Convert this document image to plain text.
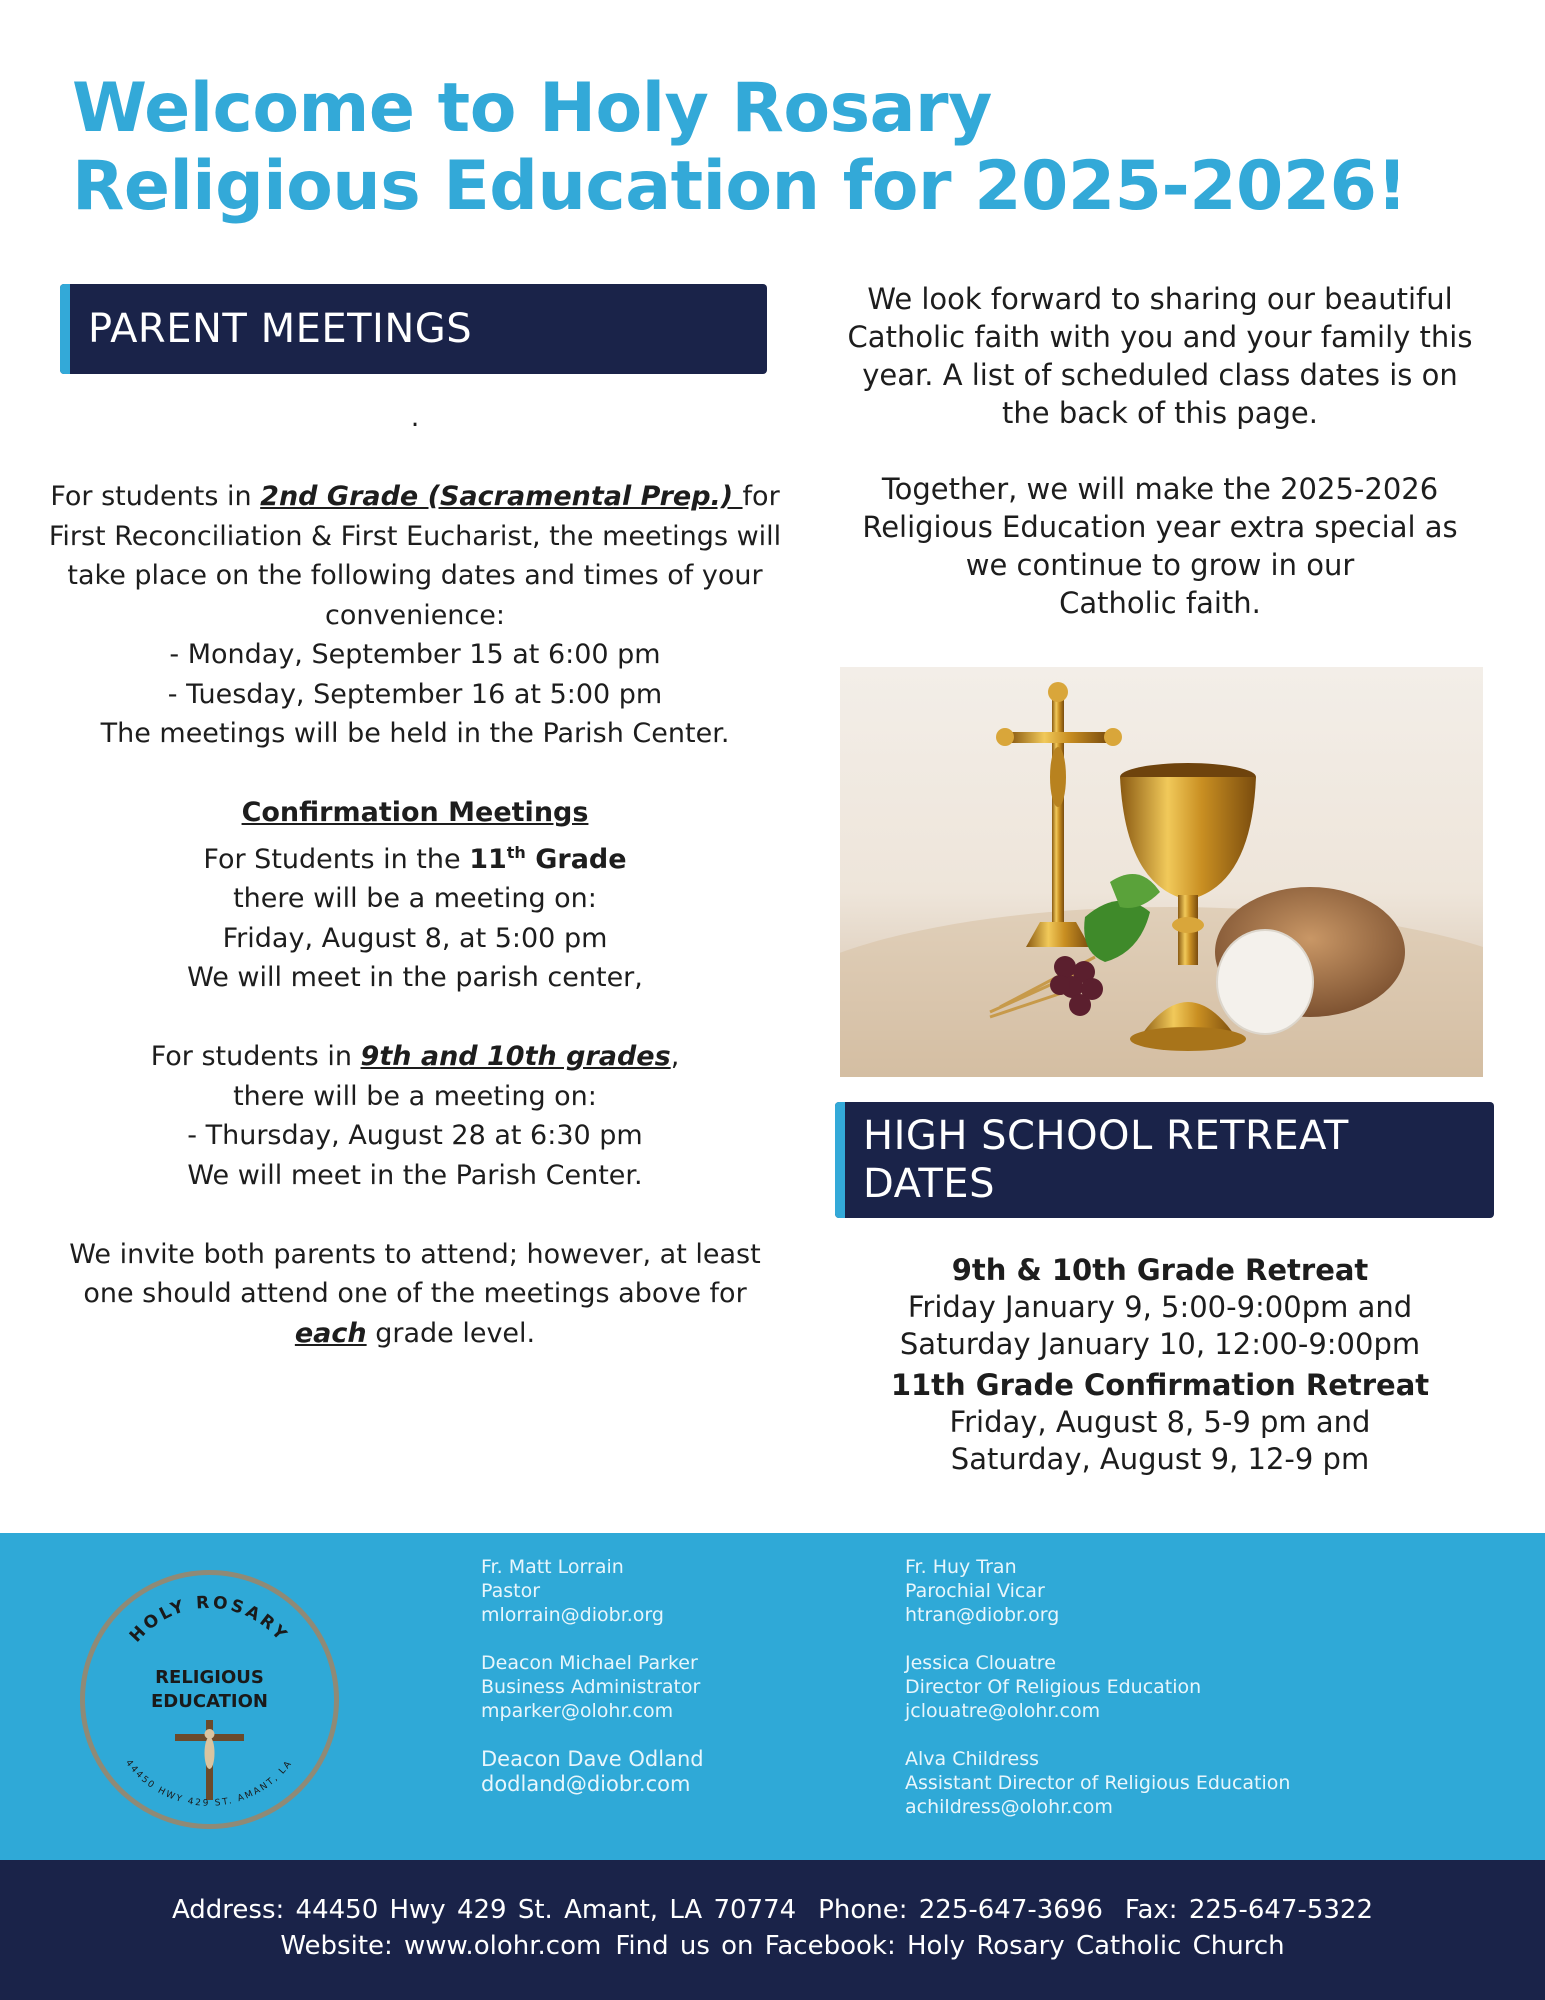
Welcome to Holy Rosary
Religious Education for 2025-2026!
PARENT MEETINGS

.

For students in 2nd Grade (Sacramental Prep.) for First Reconciliation & First Eucharist, the meetings will take place on the following dates and times of your convenience:

- Monday, September 15 at 6:00 pm

- Tuesday, September 16 at 5:00 pm

The meetings will be held in the Parish Center.

Confirmation Meetings

For Students in the 11th Grade

there will be a meeting on:

Friday, August 8, at 5:00 pm

We will meet in the parish center,

For students in 9th and 10th grades,

there will be a meeting on:

- Thursday, August 28 at 6:30 pm

We will meet in the Parish Center.

We invite both parents to attend; however, at least one should attend one of the meetings above for each grade level.

We look forward to sharing our beautiful Catholic faith with you and your family this year. A list of scheduled class dates is on the back of this page.

Together, we will make the 2025-2026

Religious Education year extra special as

we continue to grow in our

Catholic faith.

HIGH SCHOOL RETREAT DATES

9th & 10th Grade Retreat

Friday January 9, 5:00-9:00pm and

Saturday January 10, 12:00-9:00pm

11th Grade Confirmation Retreat

Friday, August 8, 5-9 pm and

Saturday, August 9, 12-9 pm

HOLY ROSARY
RELIGIOUS
EDUCATION
44450 HWY 429 ST. AMANT, LA
Fr. Matt Lorrain
Pastor
mlorrain@diobr.org
Deacon Michael Parker
Business Administrator
mparker@olohr.com
Deacon Dave Odland
dodland@diobr.com
Fr. Huy Tran
Parochial Vicar
htran@diobr.org
Jessica Clouatre
Director Of Religious Education
jclouatre@olohr.com
Alva Childress
Assistant Director of Religious Education
achildress@olohr.com
Address: 44450 Hwy 429 St. Amant, LA 70774 Phone: 225-647-3696 Fax: 225-647-5322
Website: www.olohr.com Find us on Facebook: Holy Rosary Catholic Church
